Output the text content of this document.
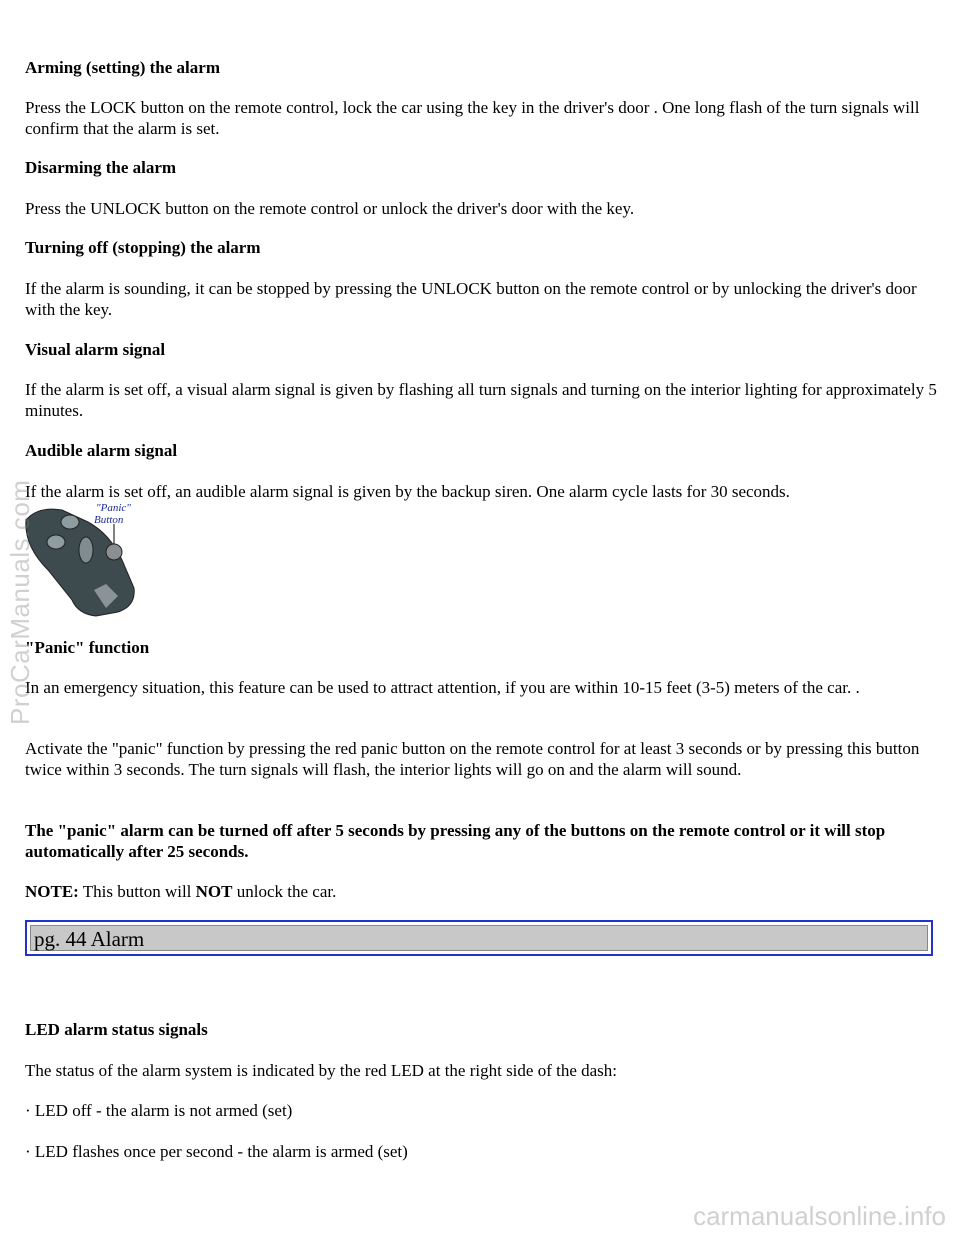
Arming (setting) the alarm

Press the LOCK button on the remote control, lock the car using the key in the driver's door . One long flash of the turn signals will confirm that the alarm is set.

Disarming the alarm

Press the UNLOCK button on the remote control or unlock the driver's door with the key.

Turning off (stopping) the alarm

If the alarm is sounding, it can be stopped by pressing the UNLOCK button on the remote control or by unlocking the driver's door with the key.

Visual alarm signal

If the alarm is set off, a visual alarm signal is given by flashing all turn signals and turning on the interior lighting for approximately 5 minutes.

Audible alarm signal

If the alarm is set off, an audible alarm signal is given by the backup siren. One alarm cycle lasts for 30 seconds.

"Panic" function

In an emergency situation, this feature can be used to attract attention, if you are within 10-15 feet (3-5) meters of the car. .

Activate the "panic" function by pressing the red panic button on the remote control for at least 3 seconds or by pressing this button twice within 3 seconds. The turn signals will flash, the interior lights will go on and the alarm will sound.

The "panic" alarm can be turned off after 5 seconds by pressing any of the buttons on the remote control or it will stop automatically after 25 seconds.

NOTE: This button will NOT unlock the car.

pg. 44 Alarm

LED alarm status signals

The status of the alarm system is indicated by the red LED at the right side of the dash:

· LED off - the alarm is not armed (set)

· LED flashes once per second - the alarm is armed (set)

"Panic"
Button
ProCarManuals.com
carmanualsonline.info
